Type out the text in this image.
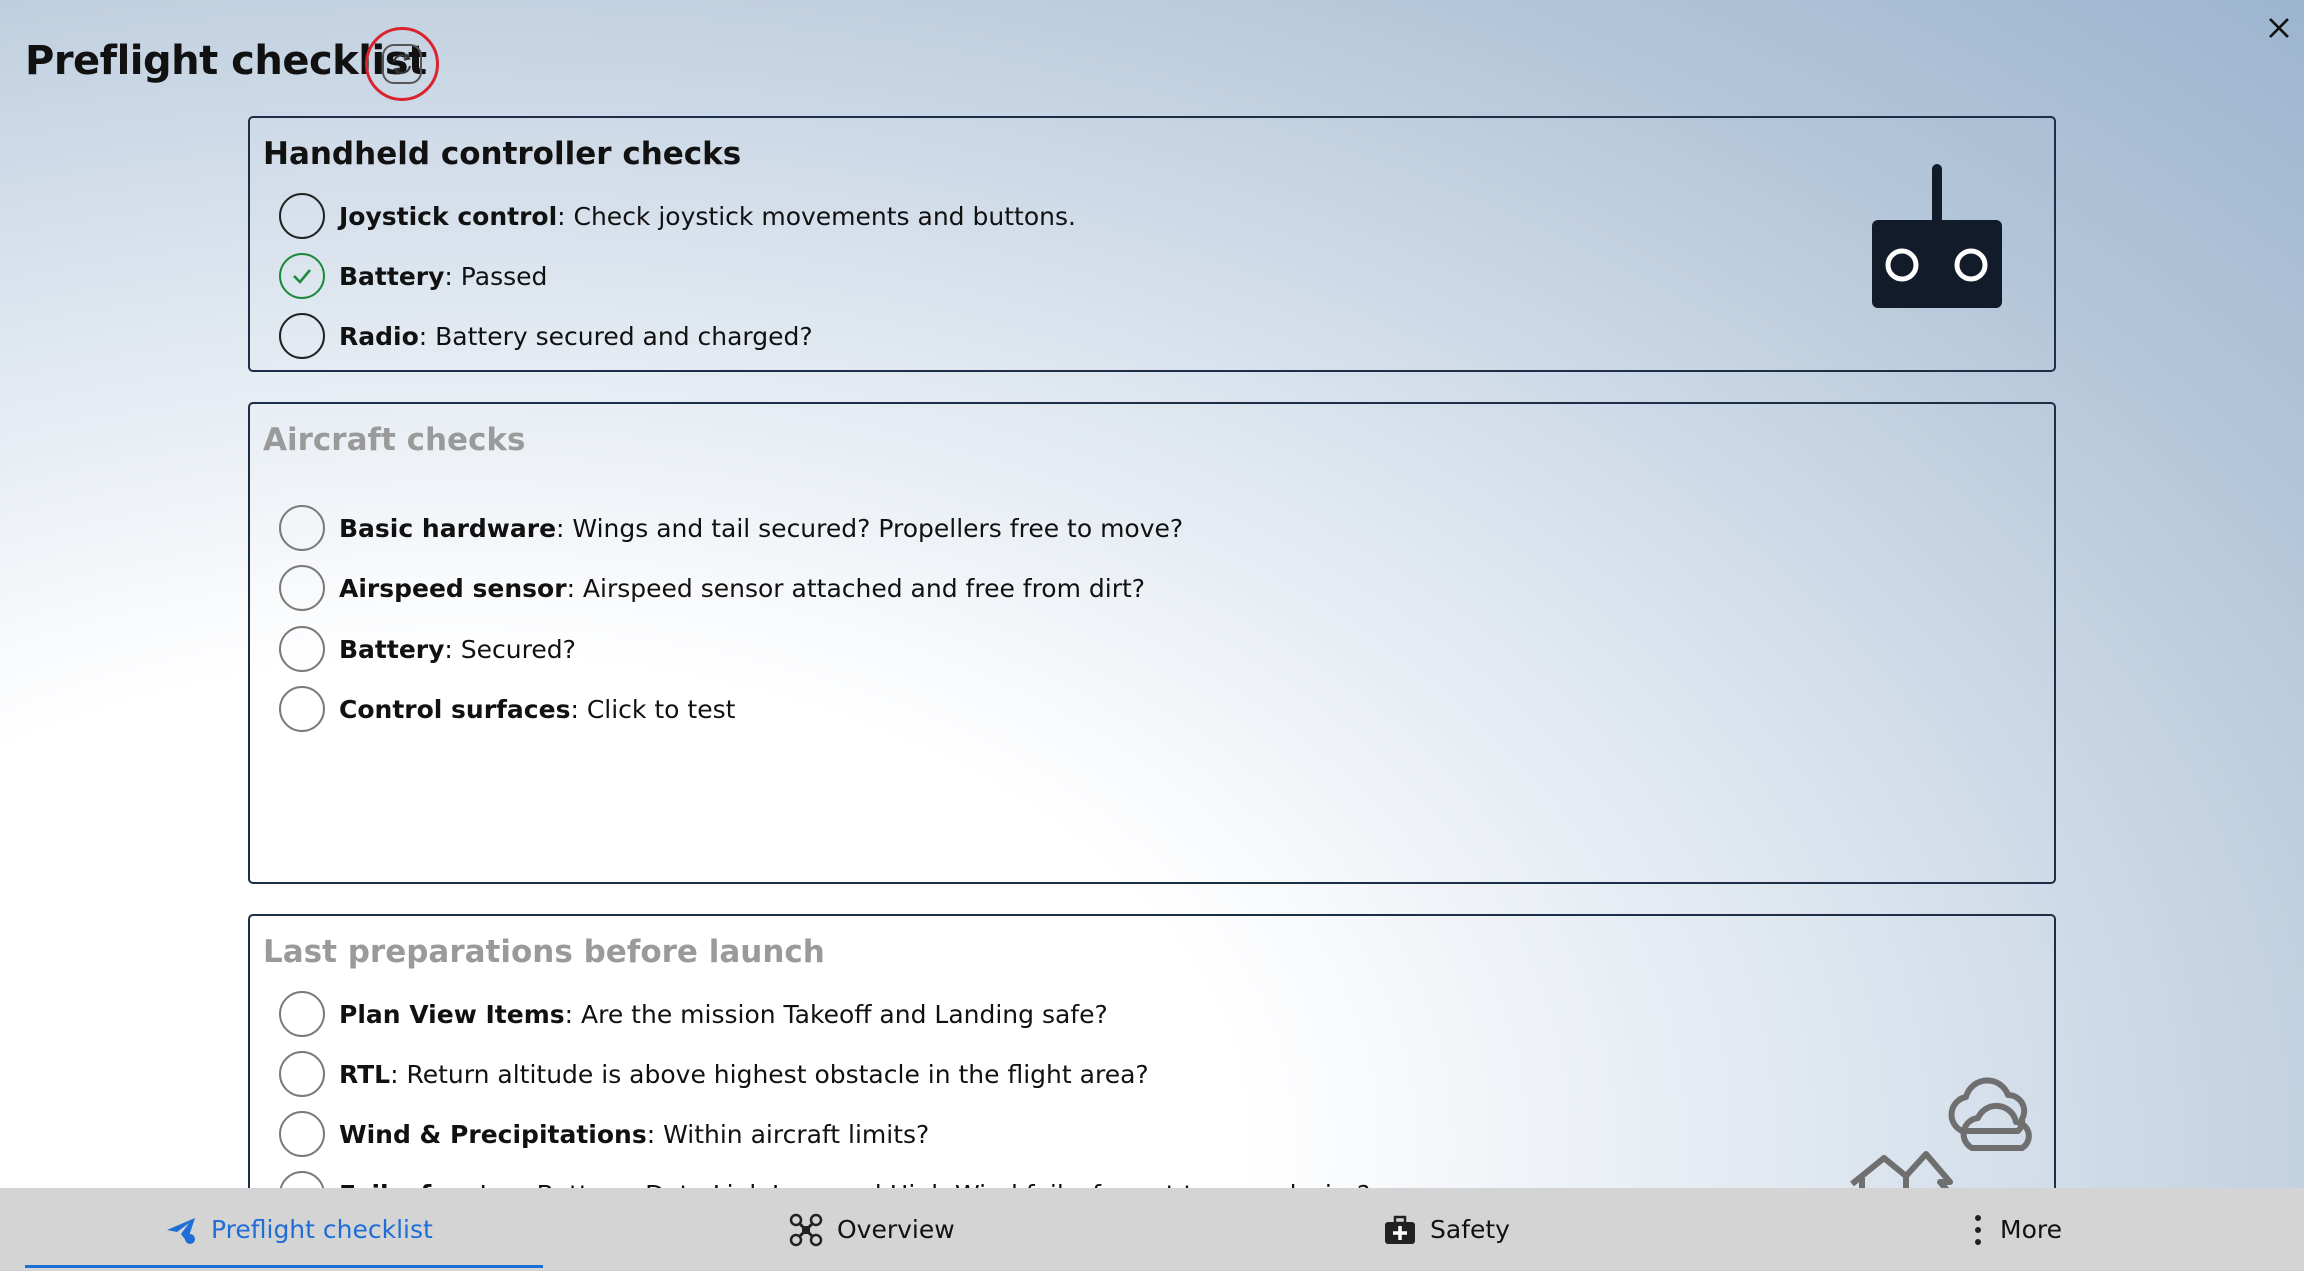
Preflight checklist
Handheld controller checks
Joystick control : Check joystick movements and buttons.
Battery : Passed
Radio : Battery secured and charged?
Aircraft checks
Basic hardware : Wings and tail secured? Propellers free to move?
Airspeed sensor : Airspeed sensor attached and free from dirt?
Battery : Secured?
Control surfaces : Click to test
Last preparations before launch
Plan View Items : Are the mission Takeoff and Landing safe?
RTL : Return altitude is above highest obstacle in the flight area?
Wind & Precipitations : Within aircraft limits?
Preflight checklist	Overview	Safety	More
